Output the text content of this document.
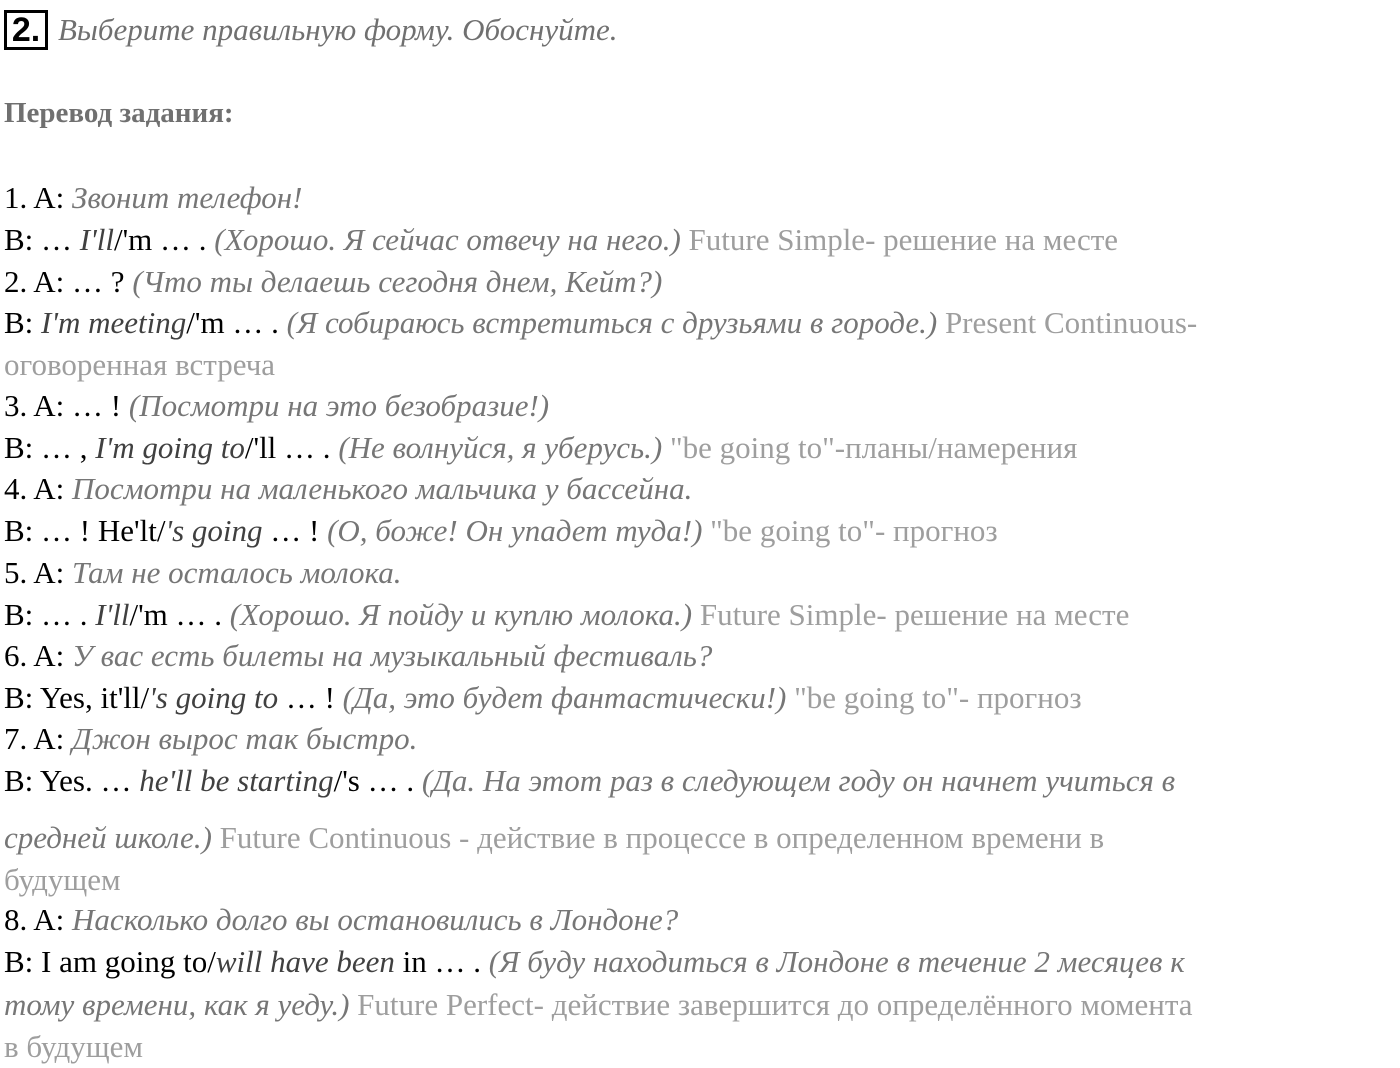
2. Выберите правильную форму. Обоснуйте.
Перевод задания:
1. A: Звонит телефон!
B: … I'll/'m … . (Хорошо. Я сейчас отвечу на него.) Future Simple- решение на месте
2. A: … ? (Что ты делаешь сегодня днем, Кейт?)
B: I'm meeting/'m … . (Я собираюсь встретиться с друзьями в городе.) Present Continuous-
оговоренная встреча
3. A: … ! (Посмотри на это безобразие!)
B: … , I'm going to/'ll … . (Не волнуйся, я уберусь.) "be going to"-планы/намерения
4. A: Посмотри на маленького мальчика у бассейна.
B: … ! He'lt/'s going … ! (О, боже! Он упадет туда!) "be going to"- прогноз
5. A: Там не осталось молока.
B: … . I'll/'m … . (Хорошо. Я пойду и куплю молока.) Future Simple- решение на месте
6. A: У вас есть билеты на музыкальный фестиваль?
B: Yes, it'll/'s going to … ! (Да, это будет фантастически!) "be going to"- прогноз
7. A: Джон вырос так быстро.
B: Yes. … he'll be starting/'s … . (Да. На этот раз в следующем году он начнет учиться в
средней школе.) Future Continuous - действие в процессе в определенном времени в
будущем
8. A: Насколько долго вы остановились в Лондоне?
B: I am going to/will have been in … . (Я буду находиться в Лондоне в течение 2 месяцев к
тому времени, как я уеду.) Future Perfect- действие завершится до определённого момента
в будущем
